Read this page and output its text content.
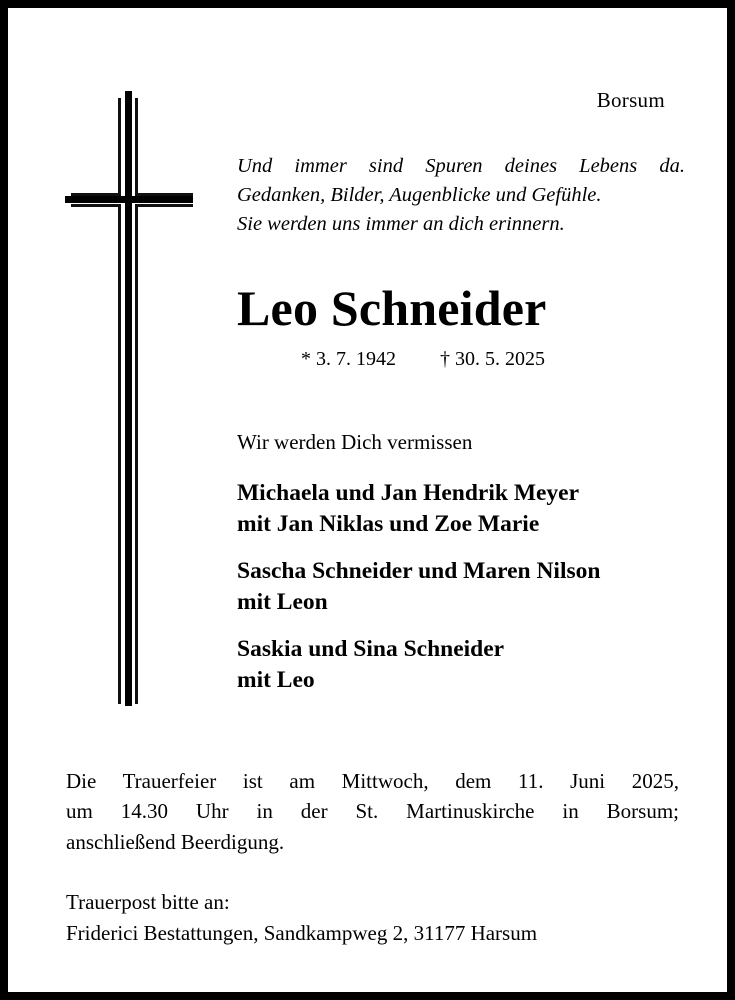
Borsum
Und immer sind Spuren deines Lebens da.
Gedanken, Bilder, Augenblicke und Gefühle.
Sie werden uns immer an dich erinnern.
Leo Schneider
* 3. 7. 1942 † 30. 5. 2025

Wir werden Dich vermissen

Michaela und Jan Hendrik Meyer
mit Jan Niklas und Zoe Marie
Sascha Schneider und Maren Nilson
mit Leon
Saskia und Sina Schneider
mit Leo

Die Trauerfeier ist am Mittwoch, dem 11. Juni 2025,
um 14.30 Uhr in der St. Martinuskirche in Borsum;
anschließend Beerdigung.

Trauerpost bitte an:
Friderici Bestattungen, Sandkampweg 2, 31177 Harsum
